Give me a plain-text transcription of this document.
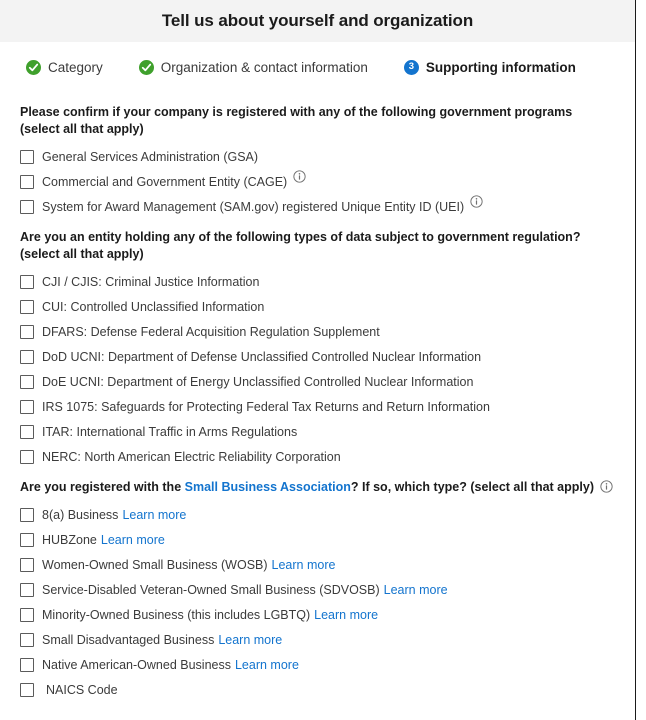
Tell us about yourself and organization
Category	Organization & contact information	3 Supporting information
Please confirm if your company is registered with any of the following government programs
(select all that apply)
General Services Administration (GSA)
Commercial and Government Entity (CAGE)
System for Award Management (SAM.gov) registered Unique Entity ID (UEI)
Are you an entity holding any of the following types of data subject to government regulation?
(select all that apply)
CJI / CJIS: Criminal Justice Information
CUI: Controlled Unclassified Information
DFARS: Defense Federal Acquisition Regulation Supplement
DoD UCNI: Department of Defense Unclassified Controlled Nuclear Information
DoE UCNI: Department of Energy Unclassified Controlled Nuclear Information
IRS 1075: Safeguards for Protecting Federal Tax Returns and Return Information
ITAR: International Traffic in Arms Regulations
NERC: North American Electric Reliability Corporation
Are you registered with the Small Business Association? If so, which type? (select all that apply)
8(a) Business Learn more
HUBZone Learn more
Women-Owned Small Business (WOSB) Learn more
Service-Disabled Veteran-Owned Small Business (SDVOSB) Learn more
Minority-Owned Business (this includes LGBTQ) Learn more
Small Disadvantaged Business Learn more
Native American-Owned Business Learn more
NAICS Code
